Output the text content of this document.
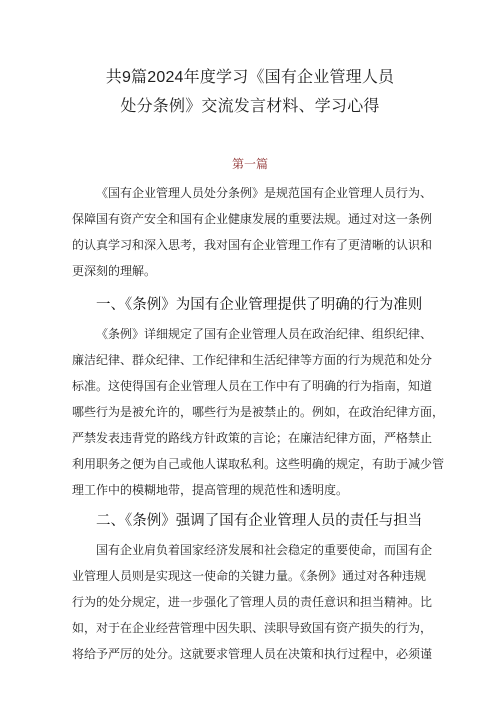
共9篇2024年度学习《国有企业管理人员
处分条例》交流发言材料、学习心得
第一篇
《国有企业管理人员处分条例》是规范国有企业管理人员行为、
保障国有资产安全和国有企业健康发展的重要法规。通过对这一条例
的认真学习和深入思考，我对国有企业管理工作有了更清晰的认识和
更深刻的理解。
一、《条例》为国有企业管理提供了明确的行为准则
《条例》详细规定了国有企业管理人员在政治纪律、组织纪律、
廉洁纪律、群众纪律、工作纪律和生活纪律等方面的行为规范和处分
标准。这使得国有企业管理人员在工作中有了明确的行为指南，知道
哪些行为是被允许的，哪些行为是被禁止的。例如，在政治纪律方面，
严禁发表违背党的路线方针政策的言论；在廉洁纪律方面，严格禁止
利用职务之便为自己或他人谋取私利。这些明确的规定，有助于减少管
理工作中的模糊地带，提高管理的规范性和透明度。
二、《条例》强调了国有企业管理人员的责任与担当
国有企业肩负着国家经济发展和社会稳定的重要使命，而国有企
业管理人员则是实现这一使命的关键力量。《条例》通过对各种违规
行为的处分规定，进一步强化了管理人员的责任意识和担当精神。比
如，对于在企业经营管理中因失职、渎职导致国有资产损失的行为，
将给予严厉的处分。这就要求管理人员在决策和执行过程中，必须谨
